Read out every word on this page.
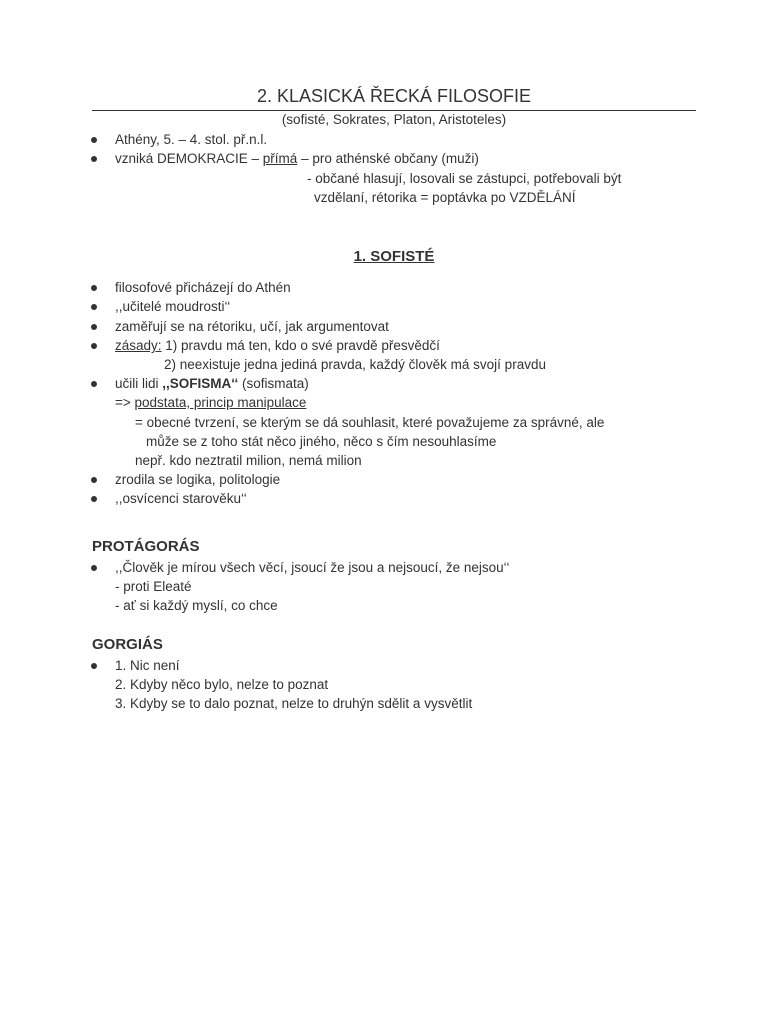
2. KLASICKÁ ŘECKÁ FILOSOFIE
(sofisté, Sokrates, Platon, Aristoteles)
Athény, 5. – 4. stol. př.n.l.
vzniká DEMOKRACIE – přímá – pro athénské občany (muži)
- občané hlasují, losovali se zástupci, potřebovali být
vzdělaní, rétorika = poptávka po VZDĚLÁNÍ
1. SOFISTÉ
filosofové přicházejí do Athén
,,učitelé moudrosti‘‘
zaměřují se na rétoriku, učí, jak argumentovat
zásady: 1) pravdu má ten, kdo o své pravdě přesvědčí
2) neexistuje jedna jediná pravda, každý člověk má svojí pravdu
učili lidi ,,SOFISMA‘‘ (sofismata)
=> podstata, princip manipulace
= obecné tvrzení, se kterým se dá souhlasit, které považujeme za správné, ale
může se z toho stát něco jiného, něco s čím nesouhlasíme
nepř. kdo neztratil milion, nemá milion
zrodila se logika, politologie
,,osvícenci starověku‘‘
PROTÁGORÁS
,,Člověk je mírou všech věcí, jsoucí že jsou a nejsoucí, že nejsou‘‘
- proti Eleaté
- ať si každý myslí, co chce
GORGIÁS
1. Nic není
2. Kdyby něco bylo, nelze to poznat
3. Kdyby se to dalo poznat, nelze to druhýn sdělit a vysvětlit
